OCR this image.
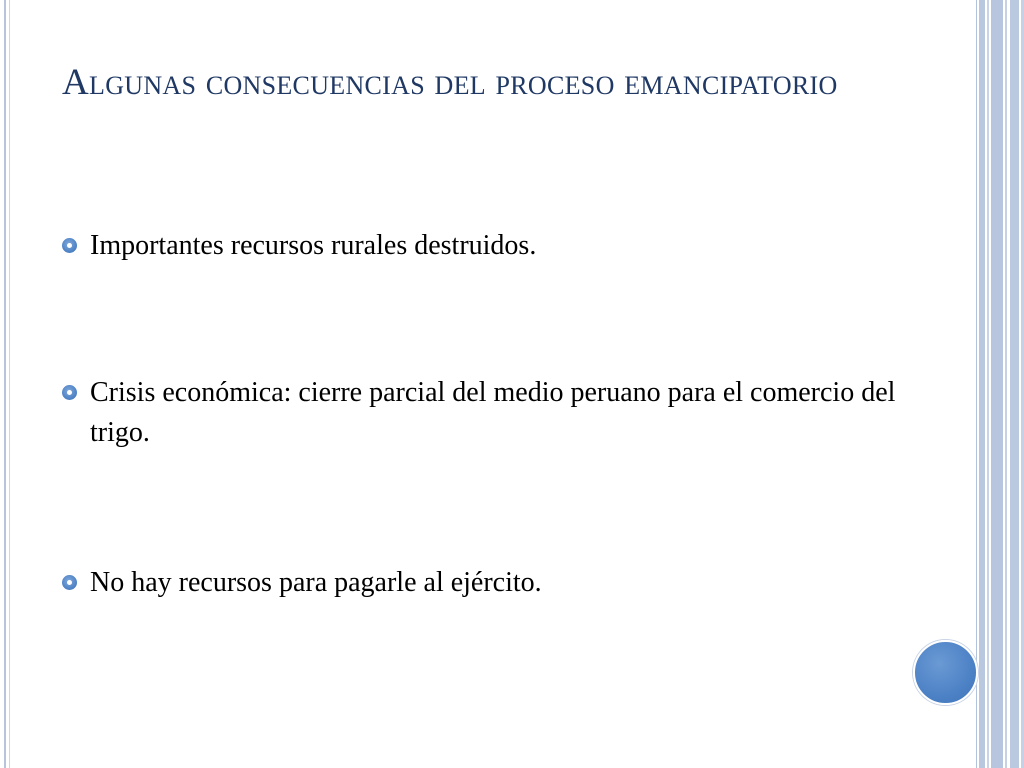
Algunas consecuencias del proceso emancipatorio
Importantes recursos rurales destruidos.
Crisis económica: cierre parcial del medio peruano para el comercio del trigo.
No hay recursos para pagarle al ejército.
